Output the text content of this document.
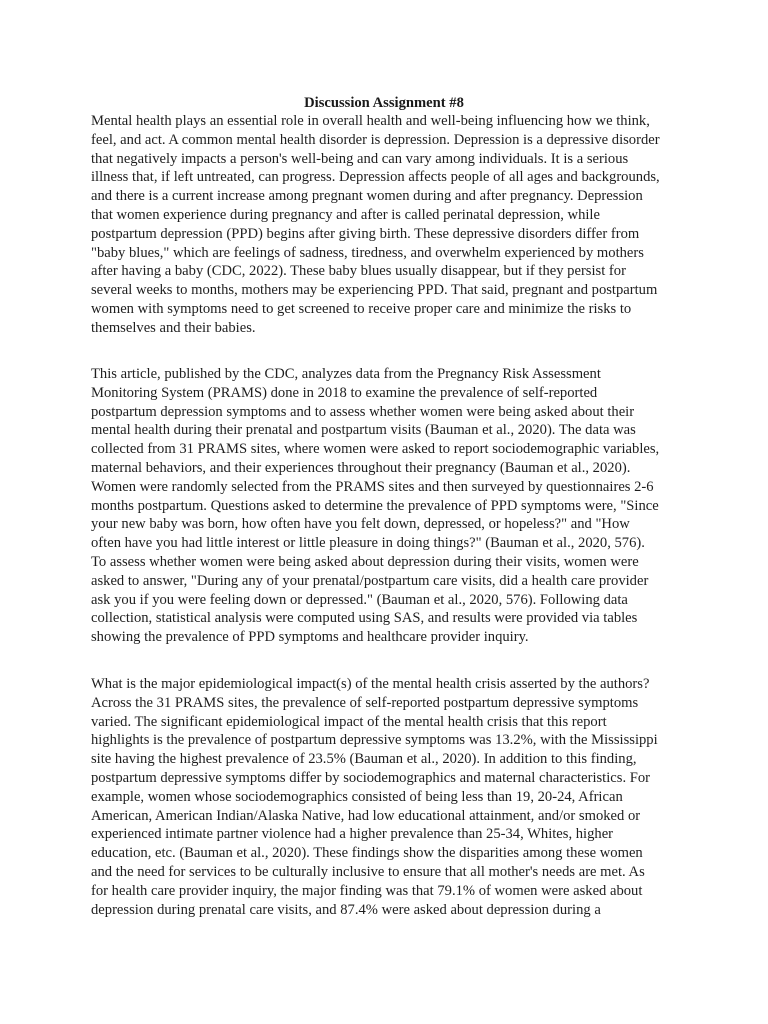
Discussion Assignment #8

Mental health plays an essential role in overall health and well-being influencing how we think,
feel, and act. A common mental health disorder is depression. Depression is a depressive disorder
that negatively impacts a person's well-being and can vary among individuals. It is a serious
illness that, if left untreated, can progress. Depression affects people of all ages and backgrounds,
and there is a current increase among pregnant women during and after pregnancy. Depression
that women experience during pregnancy and after is called perinatal depression, while
postpartum depression (PPD) begins after giving birth. These depressive disorders differ from
"baby blues," which are feelings of sadness, tiredness, and overwhelm experienced by mothers
after having a baby (CDC, 2022). These baby blues usually disappear, but if they persist for
several weeks to months, mothers may be experiencing PPD. That said, pregnant and postpartum
women with symptoms need to get screened to receive proper care and minimize the risks to
themselves and their babies.

This article, published by the CDC, analyzes data from the Pregnancy Risk Assessment
Monitoring System (PRAMS) done in 2018 to examine the prevalence of self-reported
postpartum depression symptoms and to assess whether women were being asked about their
mental health during their prenatal and postpartum visits (Bauman et al., 2020). The data was
collected from 31 PRAMS sites, where women were asked to report sociodemographic variables,
maternal behaviors, and their experiences throughout their pregnancy (Bauman et al., 2020).
Women were randomly selected from the PRAMS sites and then surveyed by questionnaires 2-6
months postpartum. Questions asked to determine the prevalence of PPD symptoms were, "Since
your new baby was born, how often have you felt down, depressed, or hopeless?" and "How
often have you had little interest or little pleasure in doing things?" (Bauman et al., 2020, 576).
To assess whether women were being asked about depression during their visits, women were
asked to answer, "During any of your prenatal/postpartum care visits, did a health care provider
ask you if you were feeling down or depressed." (Bauman et al., 2020, 576). Following data
collection, statistical analysis were computed using SAS, and results were provided via tables
showing the prevalence of PPD symptoms and healthcare provider inquiry.

What is the major epidemiological impact(s) of the mental health crisis asserted by the authors?
Across the 31 PRAMS sites, the prevalence of self-reported postpartum depressive symptoms
varied. The significant epidemiological impact of the mental health crisis that this report
highlights is the prevalence of postpartum depressive symptoms was 13.2%, with the Mississippi
site having the highest prevalence of 23.5% (Bauman et al., 2020). In addition to this finding,
postpartum depressive symptoms differ by sociodemographics and maternal characteristics. For
example, women whose sociodemographics consisted of being less than 19, 20-24, African
American, American Indian/Alaska Native, had low educational attainment, and/or smoked or
experienced intimate partner violence had a higher prevalence than 25-34, Whites, higher
education, etc. (Bauman et al., 2020). These findings show the disparities among these women
and the need for services to be culturally inclusive to ensure that all mother's needs are met. As
for health care provider inquiry, the major finding was that 79.1% of women were asked about
depression during prenatal care visits, and 87.4% were asked about depression during a
